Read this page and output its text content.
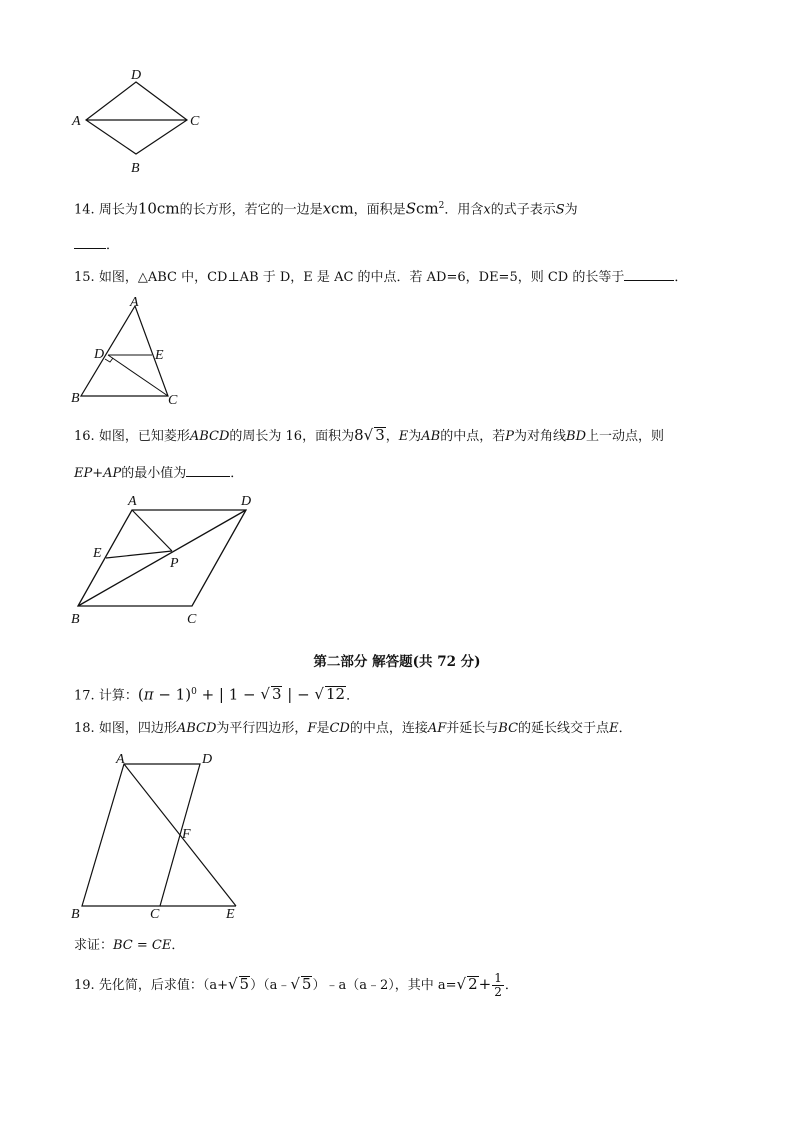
D
A	C
B
14. 周长为10cm的长方形，若它的一边是xcm，面积是Scm$^2$．用含x的式子表示S为
．
15. 如图，△ABC 中，CD⊥AB 于 D，E 是 AC 的中点．若 AD=6，DE=5，则 CD 的长等于	．
A
D	E
B	C
16. 如图，已知菱形ABCD的周长为 16，面积为8√ 3，E为AB的中点，若P为对角线BD上一动点，则
EP+AP的最小值为	．
A	D
E
P
B	C
第二部分 解答题(共 72 分)
17. 计算：$(\pi - 1)^0$ + | 1 − √ 3 | − √ 12．
18. 如图，四边形ABCD为平行四边形，F是CD的中点，连接AF并延长与BC的延长线交于点E．
A	D
F
B	C	E
求证：BC = CE．
19. 先化简，后求值：（a+√ 5）（a﹣√ 5）﹣a（a﹣2），其中 a=√ $2+ \frac{1}{2}$ ．
